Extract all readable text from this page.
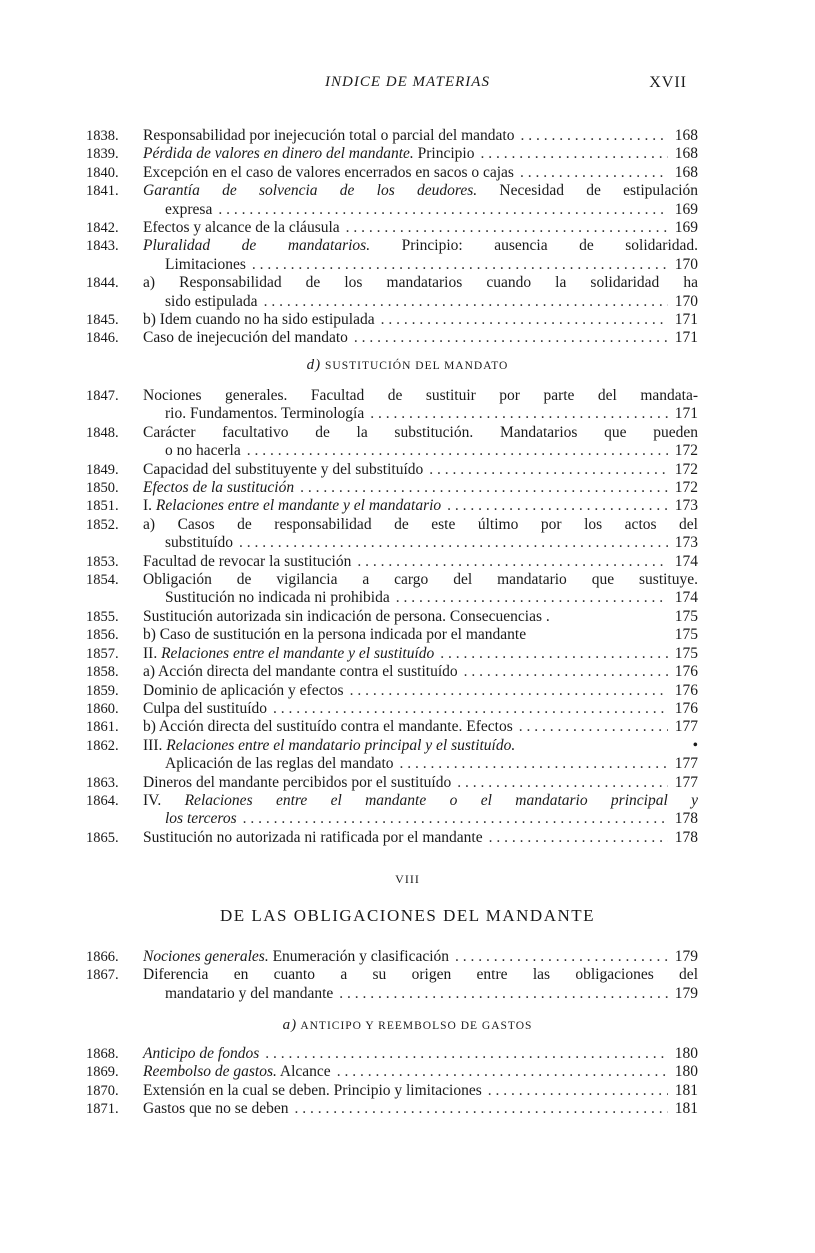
INDICE DE MATERIAS	XVII
1838.	Responsabilidad por inejecución total o parcial del mandato . . .	168
1839.	Pérdida de valores en dinero del mandante. Principio . . .	168
1840.	Excepción en el caso de valores encerrados en sacos o cajas . . .	168
1841.	Garantía de solvencia de los deudores. Necesidad de estipulación
expresa . . .	169
1842.	Efectos y alcance de la cláusula . . .	169
1843.	Pluralidad de mandatarios. Principio: ausencia de solidaridad.
Limitaciones . . .	170
1844.	a) Responsabilidad de los mandatarios cuando la solidaridad ha
sido estipulada . . .	170
1845.	b) Idem cuando no ha sido estipulada . . .	171
1846.	Caso de inejecución del mandato . . .	171
d) SUSTITUCIÓN DEL MANDATO
1847.	Nociones generales. Facultad de sustituir por parte del mandata-
rio. Fundamentos. Terminología . . .	171
1848.	Carácter facultativo de la substitución. Mandatarios que pueden
o no hacerla . . .	172
1849.	Capacidad del substituyente y del substituído . . .	172
1850.	Efectos de la sustitución . . .	172
1851.	I. Relaciones entre el mandante y el mandatario . . .	173
1852.	a) Casos de responsabilidad de este último por los actos del
substituído . . .	173
1853.	Facultad de revocar la sustitución . . .	174
1854.	Obligación de vigilancia a cargo del mandatario que sustituye.
Sustitución no indicada ni prohibida . . .	174
1855.	Sustitución autorizada sin indicación de persona. Consecuencias .	175
1856.	b) Caso de sustitución en la persona indicada por el mandante	175
1857.	II. Relaciones entre el mandante y el sustituído . . .	175
1858.	a) Acción directa del mandante contra el sustituído . . .	176
1859.	Dominio de aplicación y efectos . . .	176
1860.	Culpa del sustituído . . .	176
1861.	b) Acción directa del sustituído contra el mandante. Efectos . . .	177
1862.	III. Relaciones entre el mandatario principal y el sustituído.	•
Aplicación de las reglas del mandato . . .	177
1863.	Dineros del mandante percibidos por el sustituído . . .	177
1864.	IV. Relaciones entre el mandante o el mandatario principal y
los terceros . . .	178
1865.	Sustitución no autorizada ni ratificada por el mandante . . .	178
VIII
DE LAS OBLIGACIONES DEL MANDANTE
1866.	Nociones generales. Enumeración y clasificación . . .	179
1867.	Diferencia en cuanto a su origen entre las obligaciones del
mandatario y del mandante . . .	179
a) ANTICIPO Y REEMBOLSO DE GASTOS
1868.	Anticipo de fondos . . .	180
1869.	Reembolso de gastos. Alcance . . .	180
1870.	Extensión en la cual se deben. Principio y limitaciones . . .	181
1871.	Gastos que no se deben . . .	181
